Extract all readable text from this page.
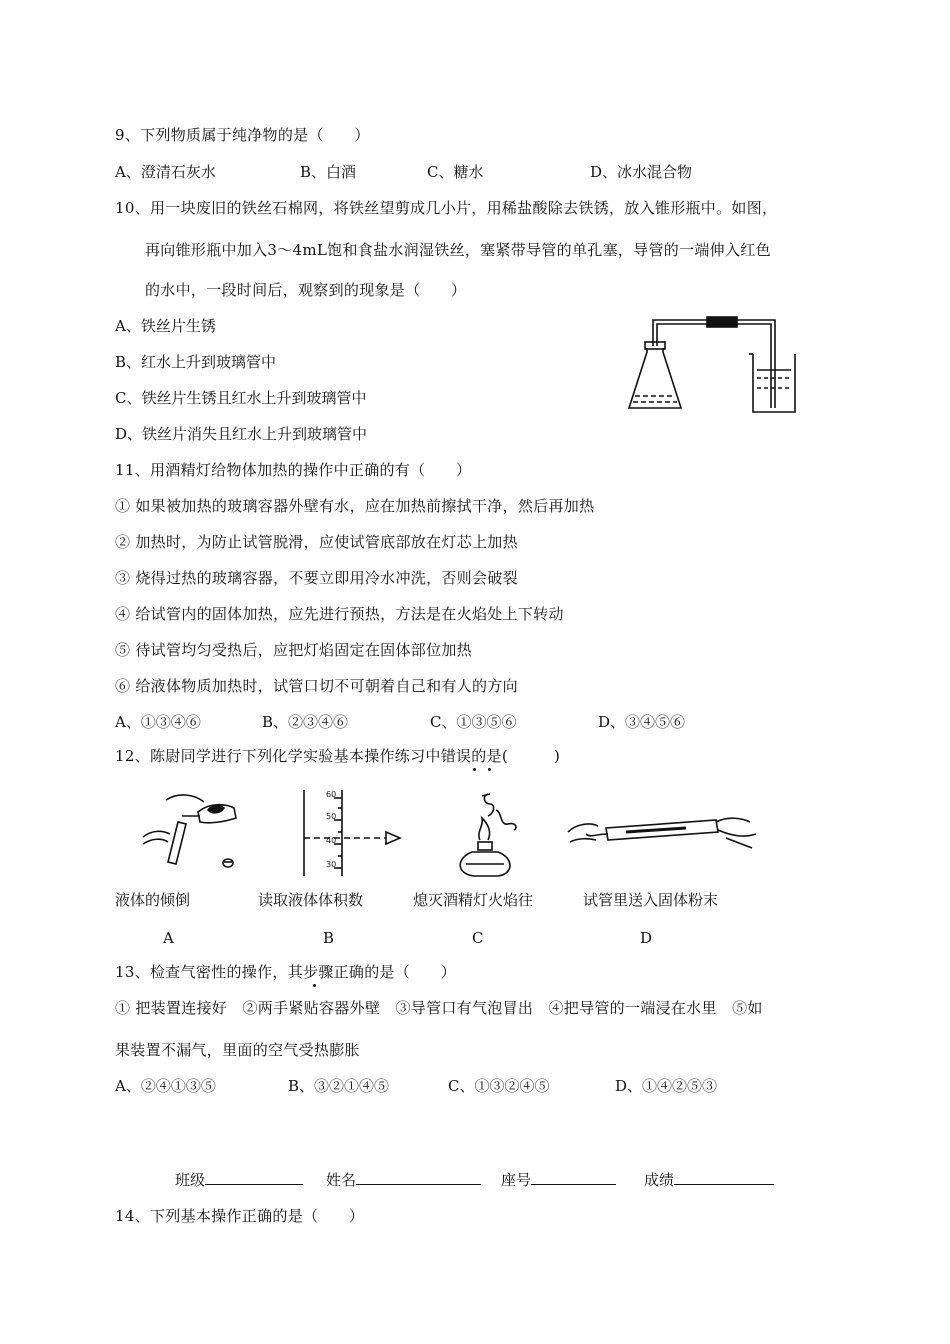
9、下列物质属于纯净物的是（　　）
A、澄清石灰水	B、白酒	C、糖水	D、冰水混合物
10、用一块废旧的铁丝石棉网，将铁丝望剪成几小片，用稀盐酸除去铁锈，放入锥形瓶中。如图，
再向锥形瓶中加入3～4mL饱和食盐水润湿铁丝，塞紧带导管的单孔塞，导管的一端伸入红色
的水中，一段时间后，观察到的现象是（　　）
A、铁丝片生锈
B、红水上升到玻璃管中
C、铁丝片生锈且红水上升到玻璃管中
D、铁丝片消失且红水上升到玻璃管中
11、用酒精灯给物体加热的操作中正确的有（　　）
① 如果被加热的玻璃容器外壁有水，应在加热前擦拭干净，然后再加热
② 加热时，为防止试管脱滑，应使试管底部放在灯芯上加热
③ 烧得过热的玻璃容器，不要立即用冷水冲洗，否则会破裂
④ 给试管内的固体加热，应先进行预热，方法是在火焰处上下转动
⑤ 待试管均匀受热后，应把灯焰固定在固体部位加热
⑥ 给液体物质加热时，试管口切不可朝着自己和有人的方向
A、①③④⑥	B、②③④⑥	C、①③⑤⑥	D、③④⑤⑥
12、陈尉同学进行下列化学实验基本操作练习中错误的是(　　　)
60
50
40
30
液体的倾倒	读取液体体积数	熄灭酒精灯火焰往	试管里送入固体粉末
A	B	C	D
13、检查气密性的操作，其步骤正确的是（　　）
① 把装置连接好　②两手紧贴容器外壁　③导管口有气泡冒出　④把导管的一端浸在水里　⑤如
果装置不漏气，里面的空气受热膨胀
A、②④①③⑤	B、③②①④⑤	C、①③②④⑤	D、①④②⑤③
班级	姓名	座号	成绩
14、下列基本操作正确的是（　　）
